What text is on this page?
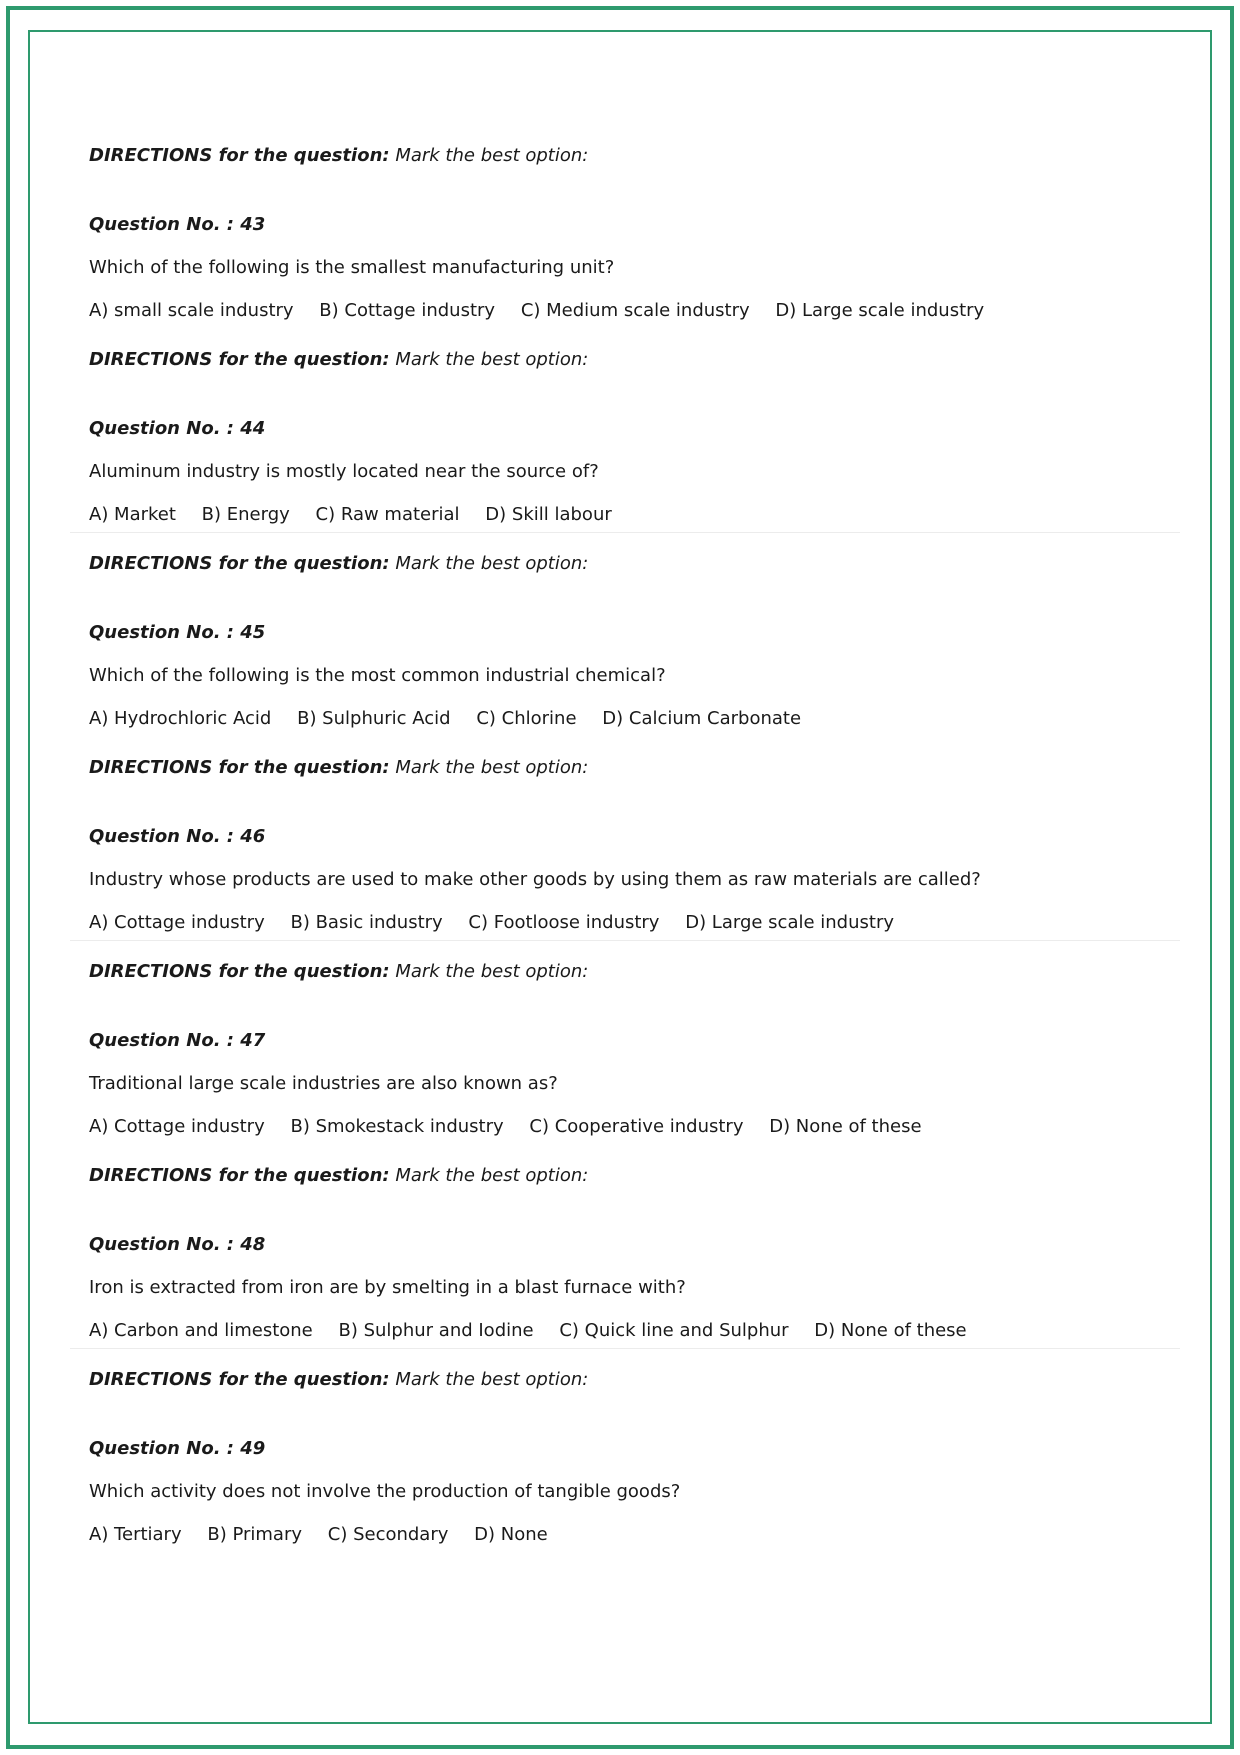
DIRECTIONS for the question: Mark the best option:
Question No. : 43
Which of the following is the smallest manufacturing unit?
A) small scale industry B) Cottage industry C) Medium scale industry D) Large scale industry
DIRECTIONS for the question: Mark the best option:
Question No. : 44
Aluminum industry is mostly located near the source of?
A) Market B) Energy C) Raw material D) Skill labour
DIRECTIONS for the question: Mark the best option:
Question No. : 45
Which of the following is the most common industrial chemical?
A) Hydrochloric Acid B) Sulphuric Acid C) Chlorine D) Calcium Carbonate
DIRECTIONS for the question: Mark the best option:
Question No. : 46
Industry whose products are used to make other goods by using them as raw materials are called?
A) Cottage industry B) Basic industry C) Footloose industry D) Large scale industry
DIRECTIONS for the question: Mark the best option:
Question No. : 47
Traditional large scale industries are also known as?
A) Cottage industry B) Smokestack industry C) Cooperative industry D) None of these
DIRECTIONS for the question: Mark the best option:
Question No. : 48
Iron is extracted from iron are by smelting in a blast furnace with?
A) Carbon and limestone B) Sulphur and Iodine C) Quick line and Sulphur D) None of these
DIRECTIONS for the question: Mark the best option:
Question No. : 49
Which activity does not involve the production of tangible goods?
A) Tertiary B) Primary C) Secondary D) None
